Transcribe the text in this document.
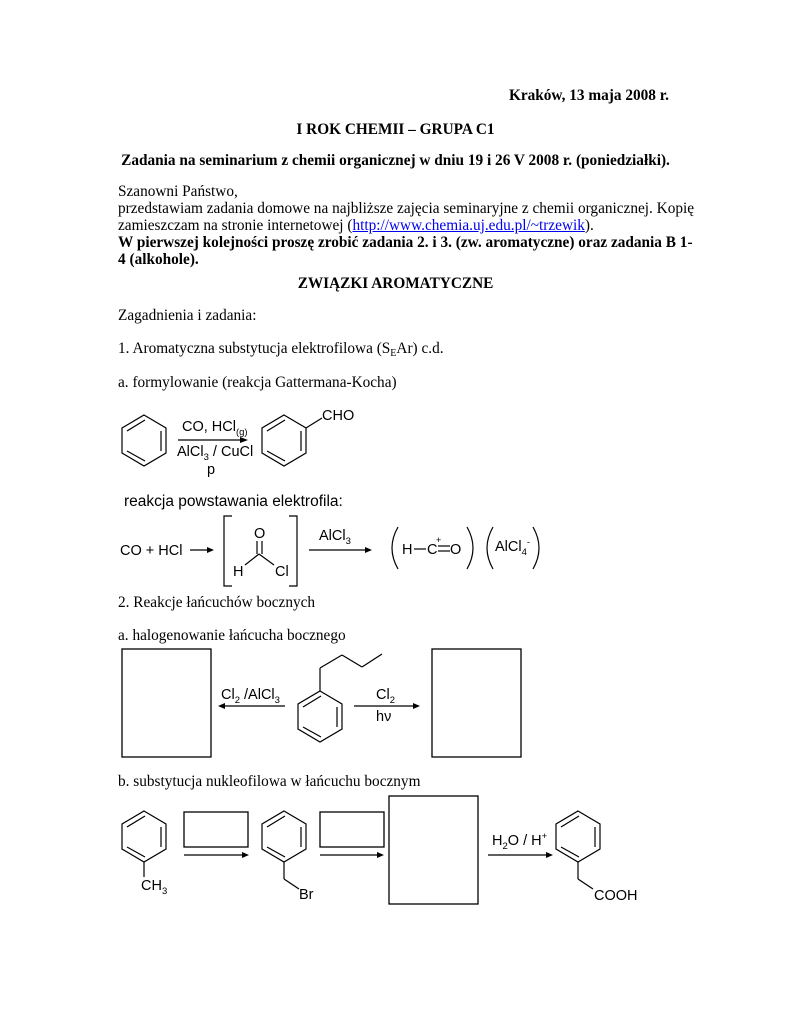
Kraków, 13 maja 2008 r.
I ROK CHEMII – GRUPA C1
Zadania na seminarium z chemii organicznej w dniu 19 i 26 V 2008 r. (poniedziałki).
Szanowni Państwo,
przedstawiam zadania domowe na najbliższe zajęcia seminaryjne z chemii organicznej. Kopię
zamieszczam na stronie internetowej (http://www.chemia.uj.edu.pl/~trzewik).
W pierwszej kolejności proszę zrobić zadania 2. i 3. (zw. aromatyczne) oraz zadania B 1-
4 (alkohole).
ZWIĄZKI AROMATYCZNE
Zagadnienia i zadania:
1. Aromatyczna substytucja elektrofilowa $(S_EAr)$ c.d.
a. formylowanie (reakcja Gattermana-Kocha)
CO, HCl$_{(g)}$
AlCl$_3$ / CuCl
p
CHO
reakcja powstawania elektrofila:
CO + HCl
O
H Cl
AlCl$_3$
H C
+
O AlCl$_4$-
2. Reakcje łańcuchów bocznych
a. halogenowanie łańcucha bocznego
$Cl_2$ /AlCl$_3$	$Cl_2$
hν
b. substytucja nukleofilowa w łańcuchu bocznym
$CH_3$	Br
$H_2O / H^+$
COOH
